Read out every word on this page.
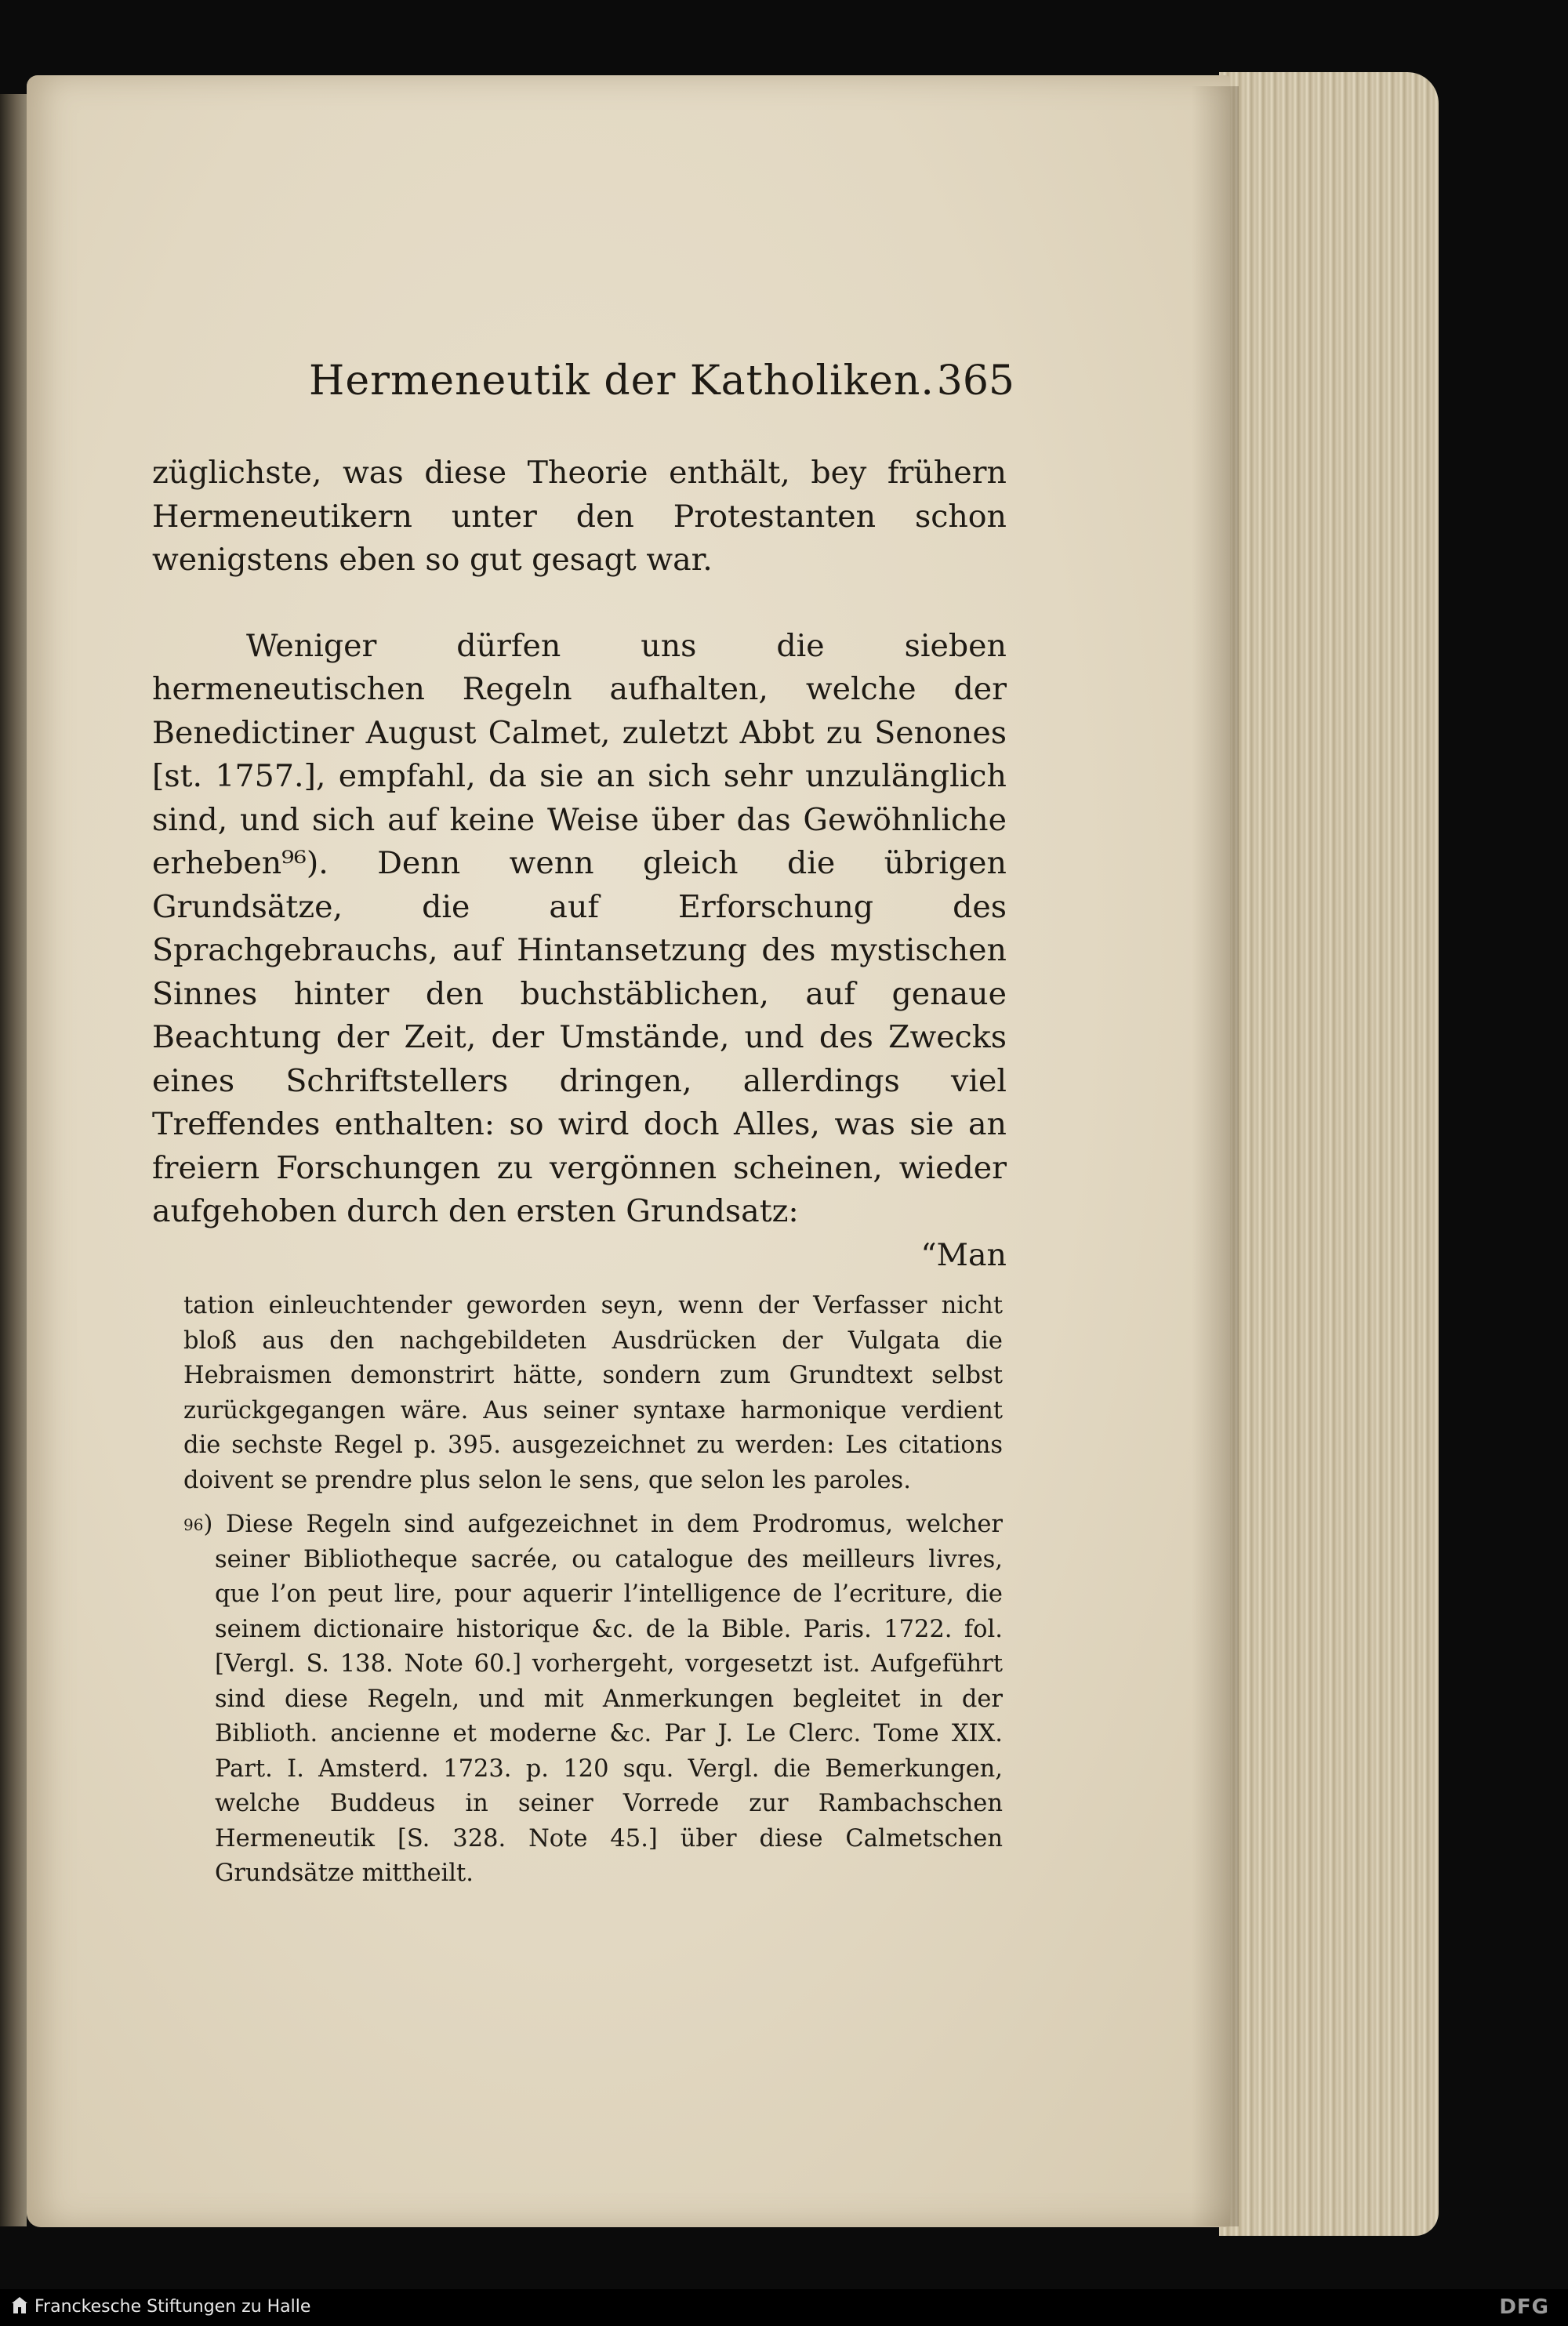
Hermeneutik der Katholiken. 365

züglichste, was diese Theorie enthält, bey frühern Hermeneutikern unter den Protestanten schon wenigstens eben so gut gesagt war.

Weniger dürfen uns die sieben hermeneutischen Regeln aufhalten, welche der Benedictiner August Calmet, zuletzt Abbt zu Senones [st. 1757.], empfahl, da sie an sich sehr unzulänglich sind, und sich auf keine Weise über das Gewöhnliche erheben⁹⁶). Denn wenn gleich die übrigen Grundsätze, die auf Erforschung des Sprachgebrauchs, auf Hintansetzung des mystischen Sinnes hinter den buchstäblichen, auf genaue Beachtung der Zeit, der Umstände, und des Zwecks eines Schriftstellers dringen, allerdings viel Treffendes enthalten: so wird doch Alles, was sie an freiern Forschungen zu vergönnen scheinen, wieder aufgehoben durch den ersten Grundsatz:

“Man

tation einleuchtender geworden seyn, wenn der Verfasser nicht bloß aus den nachgebildeten Ausdrücken der Vulgata die Hebraismen demonstrirt hätte, sondern zum Grundtext selbst zurückgegangen wäre. Aus seiner syntaxe harmonique verdient die sechste Regel p. 395. ausgezeichnet zu werden: Les citations doivent se prendre plus selon le sens, que selon les paroles.

$^{96}$) Diese Regeln sind aufgezeichnet in dem Prodromus, welcher seiner Bibliotheque sacrée, ou catalogue des meilleurs livres, que l’on peut lire, pour aquerir l’intelligence de l’ecriture, die seinem dictionaire historique &c. de la Bible. Paris. 1722. fol. [Vergl. S. 138. Note 60.] vorhergeht, vorgesetzt ist. Aufgeführt sind diese Regeln, und mit Anmerkungen begleitet in der Biblioth. ancienne et moderne &c. Par J. Le Clerc. Tome XIX. Part. I. Amsterd. 1723. p. 120 squ. Vergl. die Bemerkungen, welche Buddeus in seiner Vorrede zur Rambachschen Hermeneutik [S. 328. Note 45.] über diese Calmetschen Grundsätze mittheilt.

Franckesche Stiftungen zu Halle	DFG
